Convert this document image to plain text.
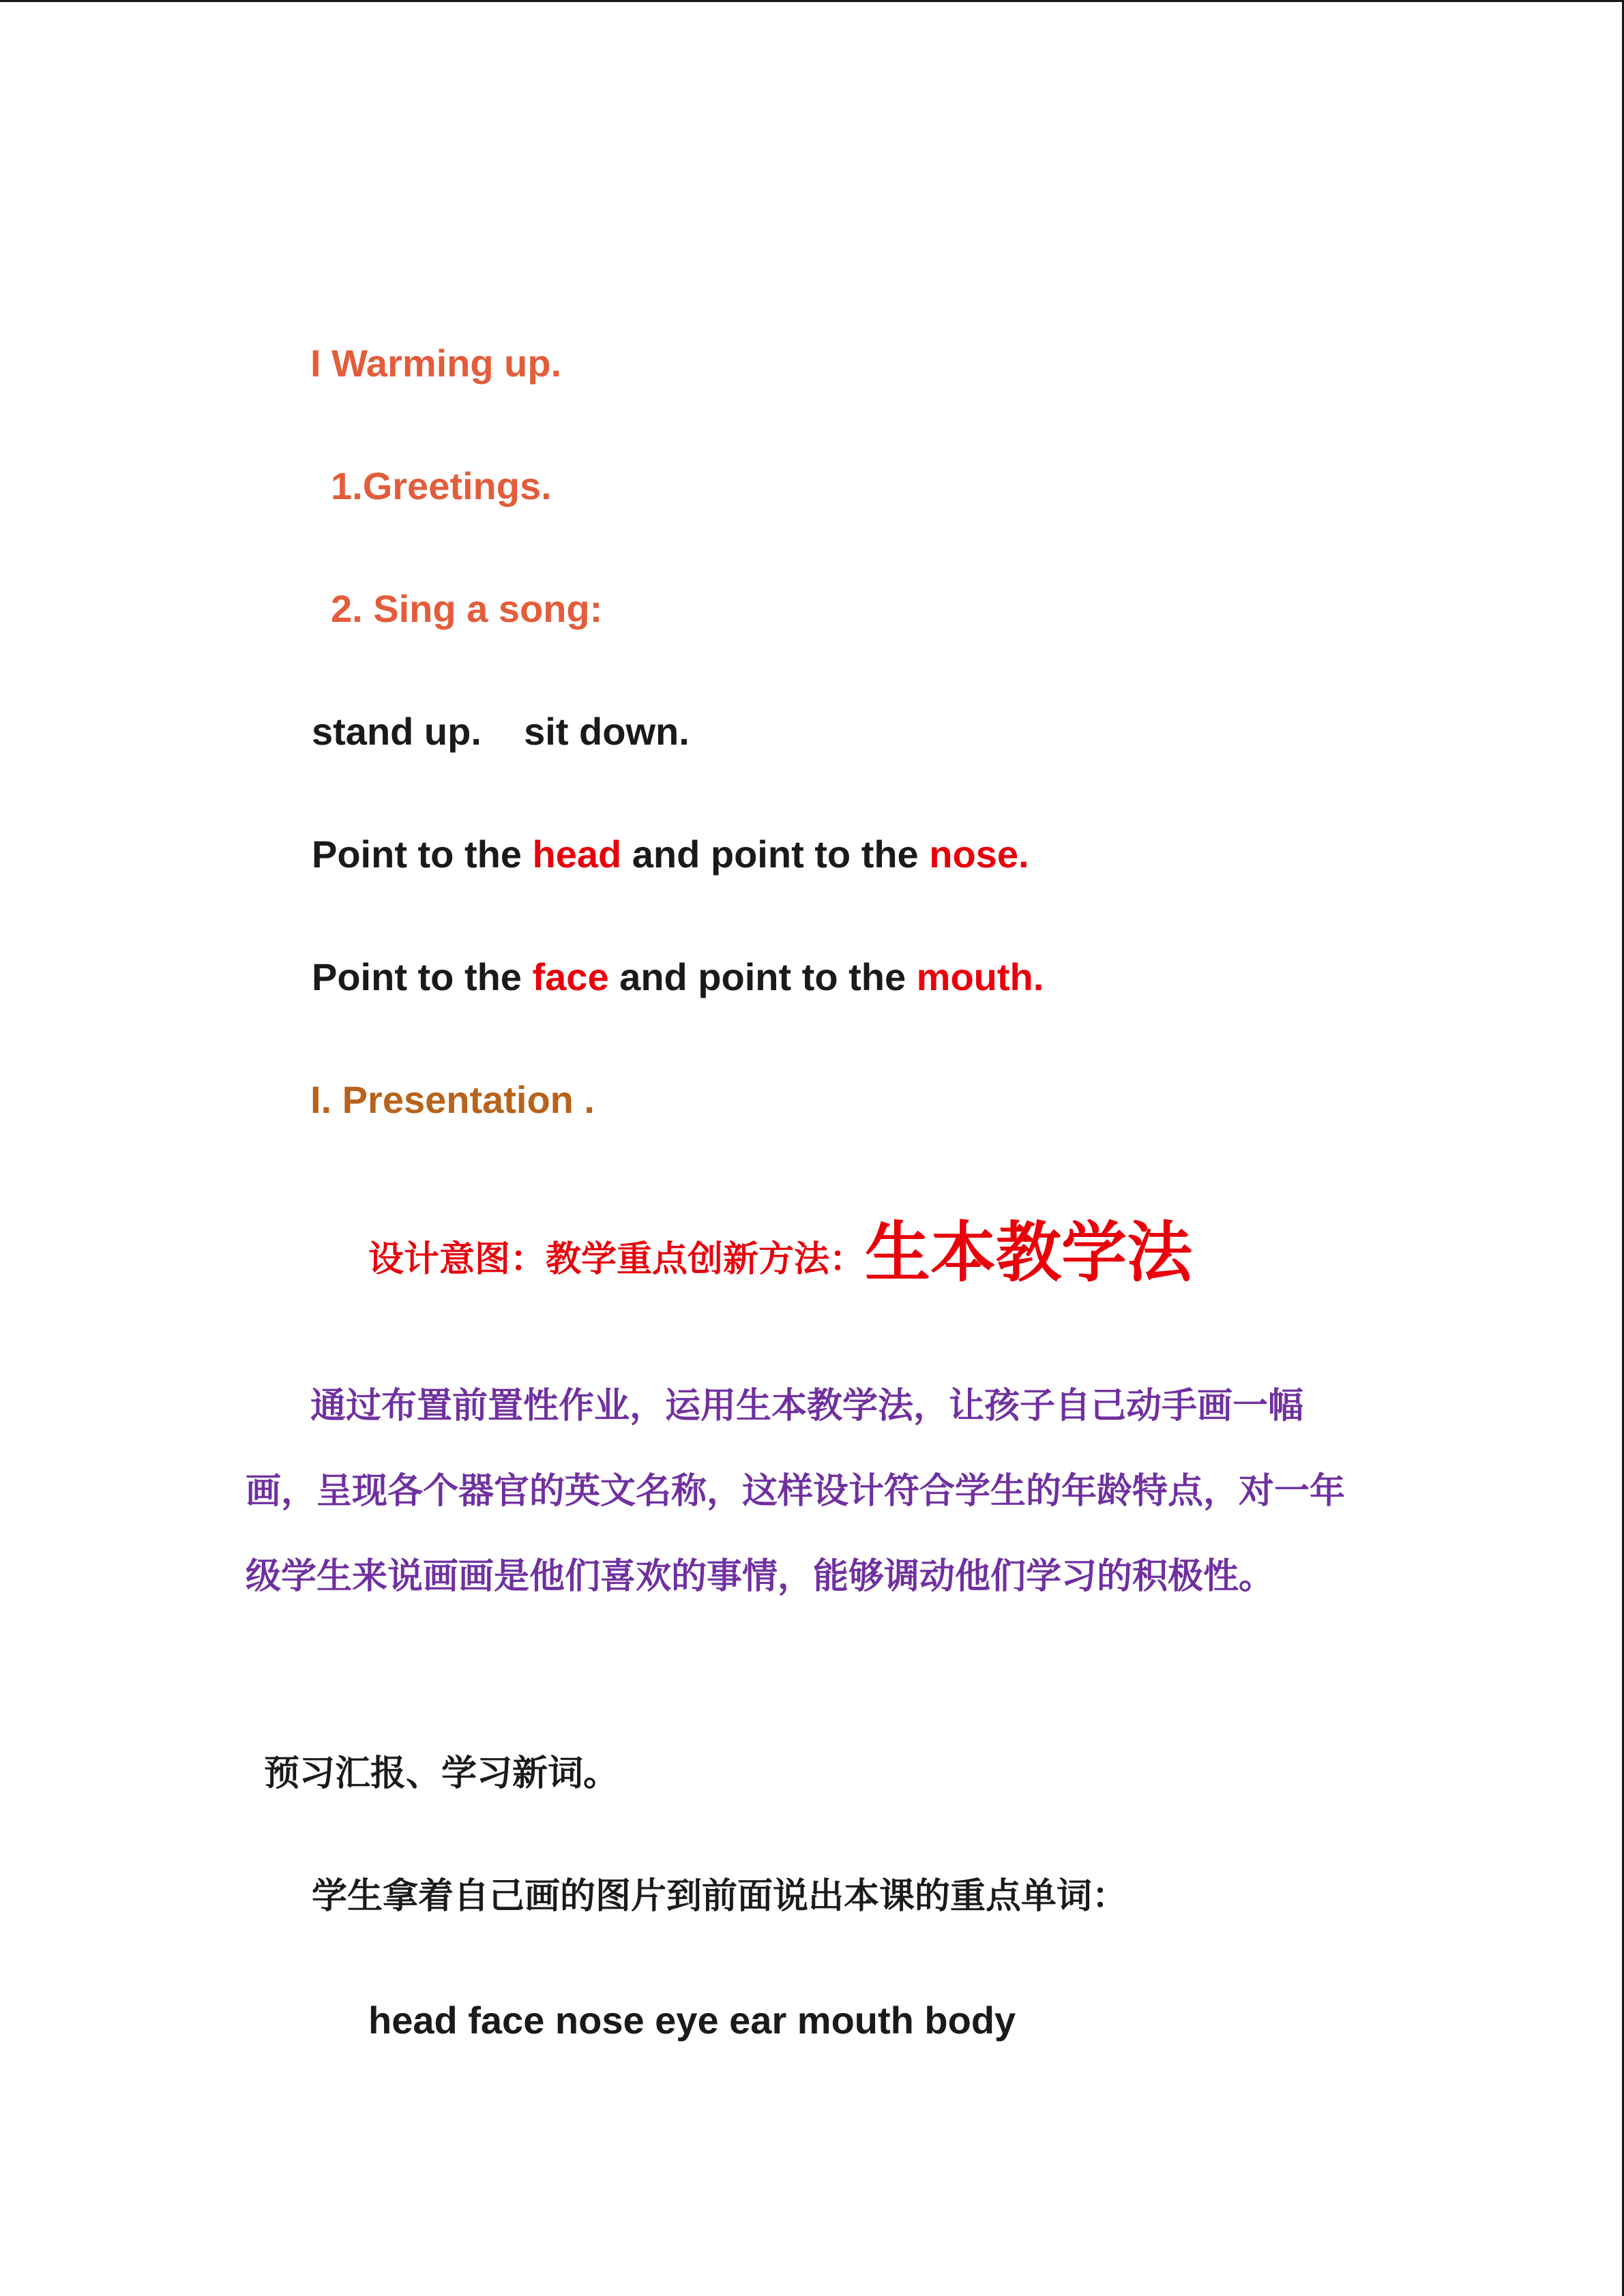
I Warming up.
1.Greetings.
2. Sing a song:
stand up.    sit down.
Point to the head and point to the nose.
Point to the face and point to the mouth.
I. Presentation .
设计意图：教学重点创新方法：生本教学法

通过布置前置性作业，运用生本教学法，让孩子自己动手画一幅画，呈现各个器官的英文名称，这样设计符合学生的年龄特点，对一年级学生来说画画是他们喜欢的事情，能够调动他们学习的积极性。

预习汇报、学习新词。
学生拿着自己画的图片到前面说出本课的重点单词：
head face nose eye ear mouth body
